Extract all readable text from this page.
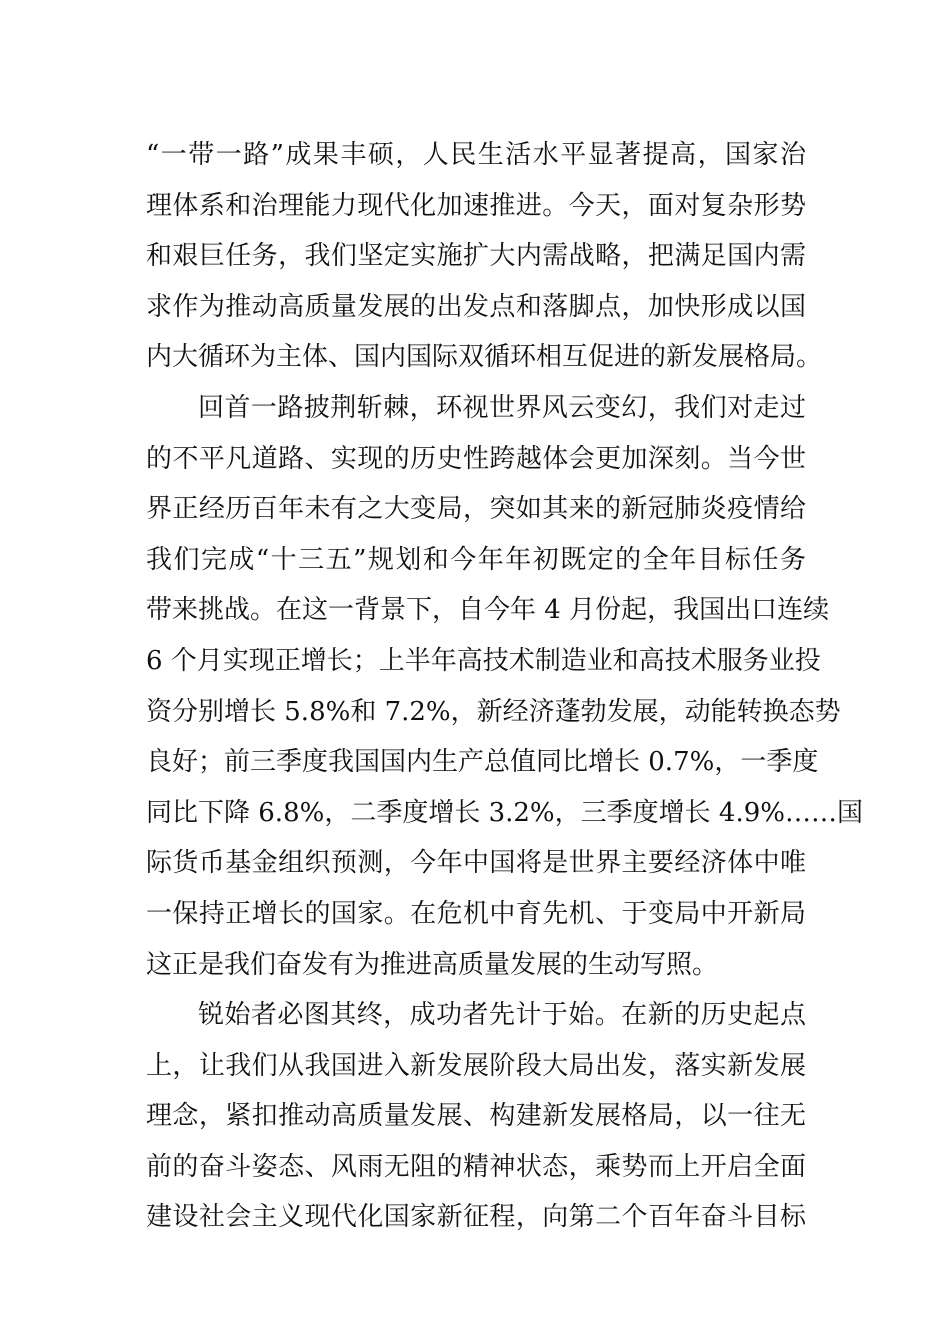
“一带一路”成果丰硕，人民生活水平显著提高，国家治
理体系和治理能力现代化加速推进。今天，面对复杂形势
和艰巨任务，我们坚定实施扩大内需战略，把满足国内需
求作为推动高质量发展的出发点和落脚点，加快形成以国
内大循环为主体、国内国际双循环相互促进的新发展格局。
回首一路披荆斩棘，环视世界风云变幻，我们对走过
的不平凡道路、实现的历史性跨越体会更加深刻。当今世
界正经历百年未有之大变局，突如其来的新冠肺炎疫情给
我们完成“十三五”规划和今年年初既定的全年目标任务
带来挑战。在这一背景下，自今年 4 月份起，我国出口连续
6 个月实现正增长；上半年高技术制造业和高技术服务业投
资分别增长 5.8%和 7.2%，新经济蓬勃发展，动能转换态势
良好；前三季度我国国内生产总值同比增长 0.7%，一季度
同比下降 6.8%，二季度增长 3.2%，三季度增长 4.9%……国
际货币基金组织预测，今年中国将是世界主要经济体中唯
一保持正增长的国家。在危机中育先机、于变局中开新局
这正是我们奋发有为推进高质量发展的生动写照。
锐始者必图其终，成功者先计于始。在新的历史起点
上，让我们从我国进入新发展阶段大局出发，落实新发展
理念，紧扣推动高质量发展、构建新发展格局，以一往无
前的奋斗姿态、风雨无阻的精神状态，乘势而上开启全面
建设社会主义现代化国家新征程，向第二个百年奋斗目标
